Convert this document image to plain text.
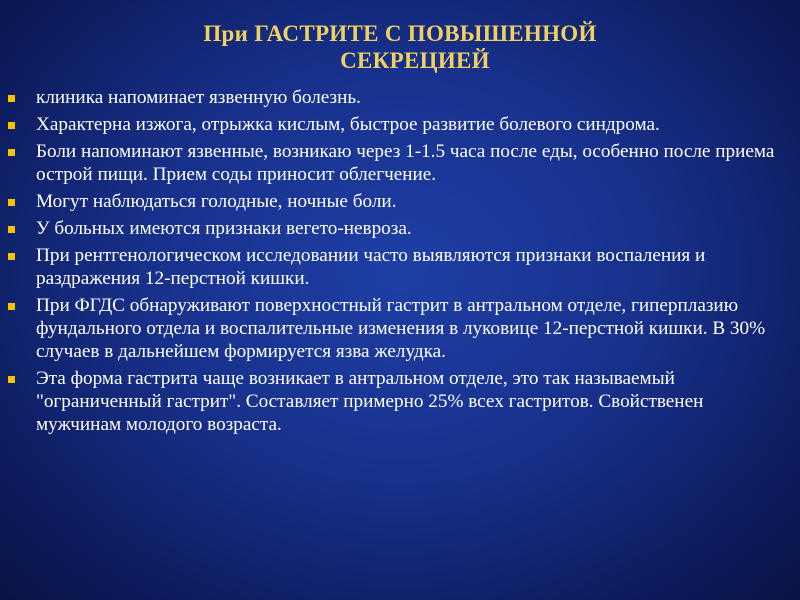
При ГАСТРИТЕ С ПОВЫШЕННОЙ
СЕКРЕЦИЕЙ
клиника напоминает язвенную болезнь.
Характерна изжога, отрыжка кислым, быстрое развитие болевого синдрома.
Боли напоминают язвенные, возникаю через 1-1.5 часа после еды, особенно после приема острой пищи. Прием соды приносит облегчение.
Могут наблюдаться голодные, ночные боли.
У больных имеются признаки вегето-невроза.
При рентгенологическом исследовании часто выявляются признаки воспаления и раздражения 12-перстной кишки.
При ФГДС обнаруживают поверхностный гастрит в антральном отделе, гиперплазию фундального отдела и воспалительные изменения в луковице 12-перстной кишки. В 30% случаев в дальнейшем формируется язва желудка.
Эта форма гастрита чаще возникает в антральном отделе, это так называемый "ограниченный гастрит". Составляет примерно 25% всех гастритов. Свойственен мужчинам молодого возраста.
